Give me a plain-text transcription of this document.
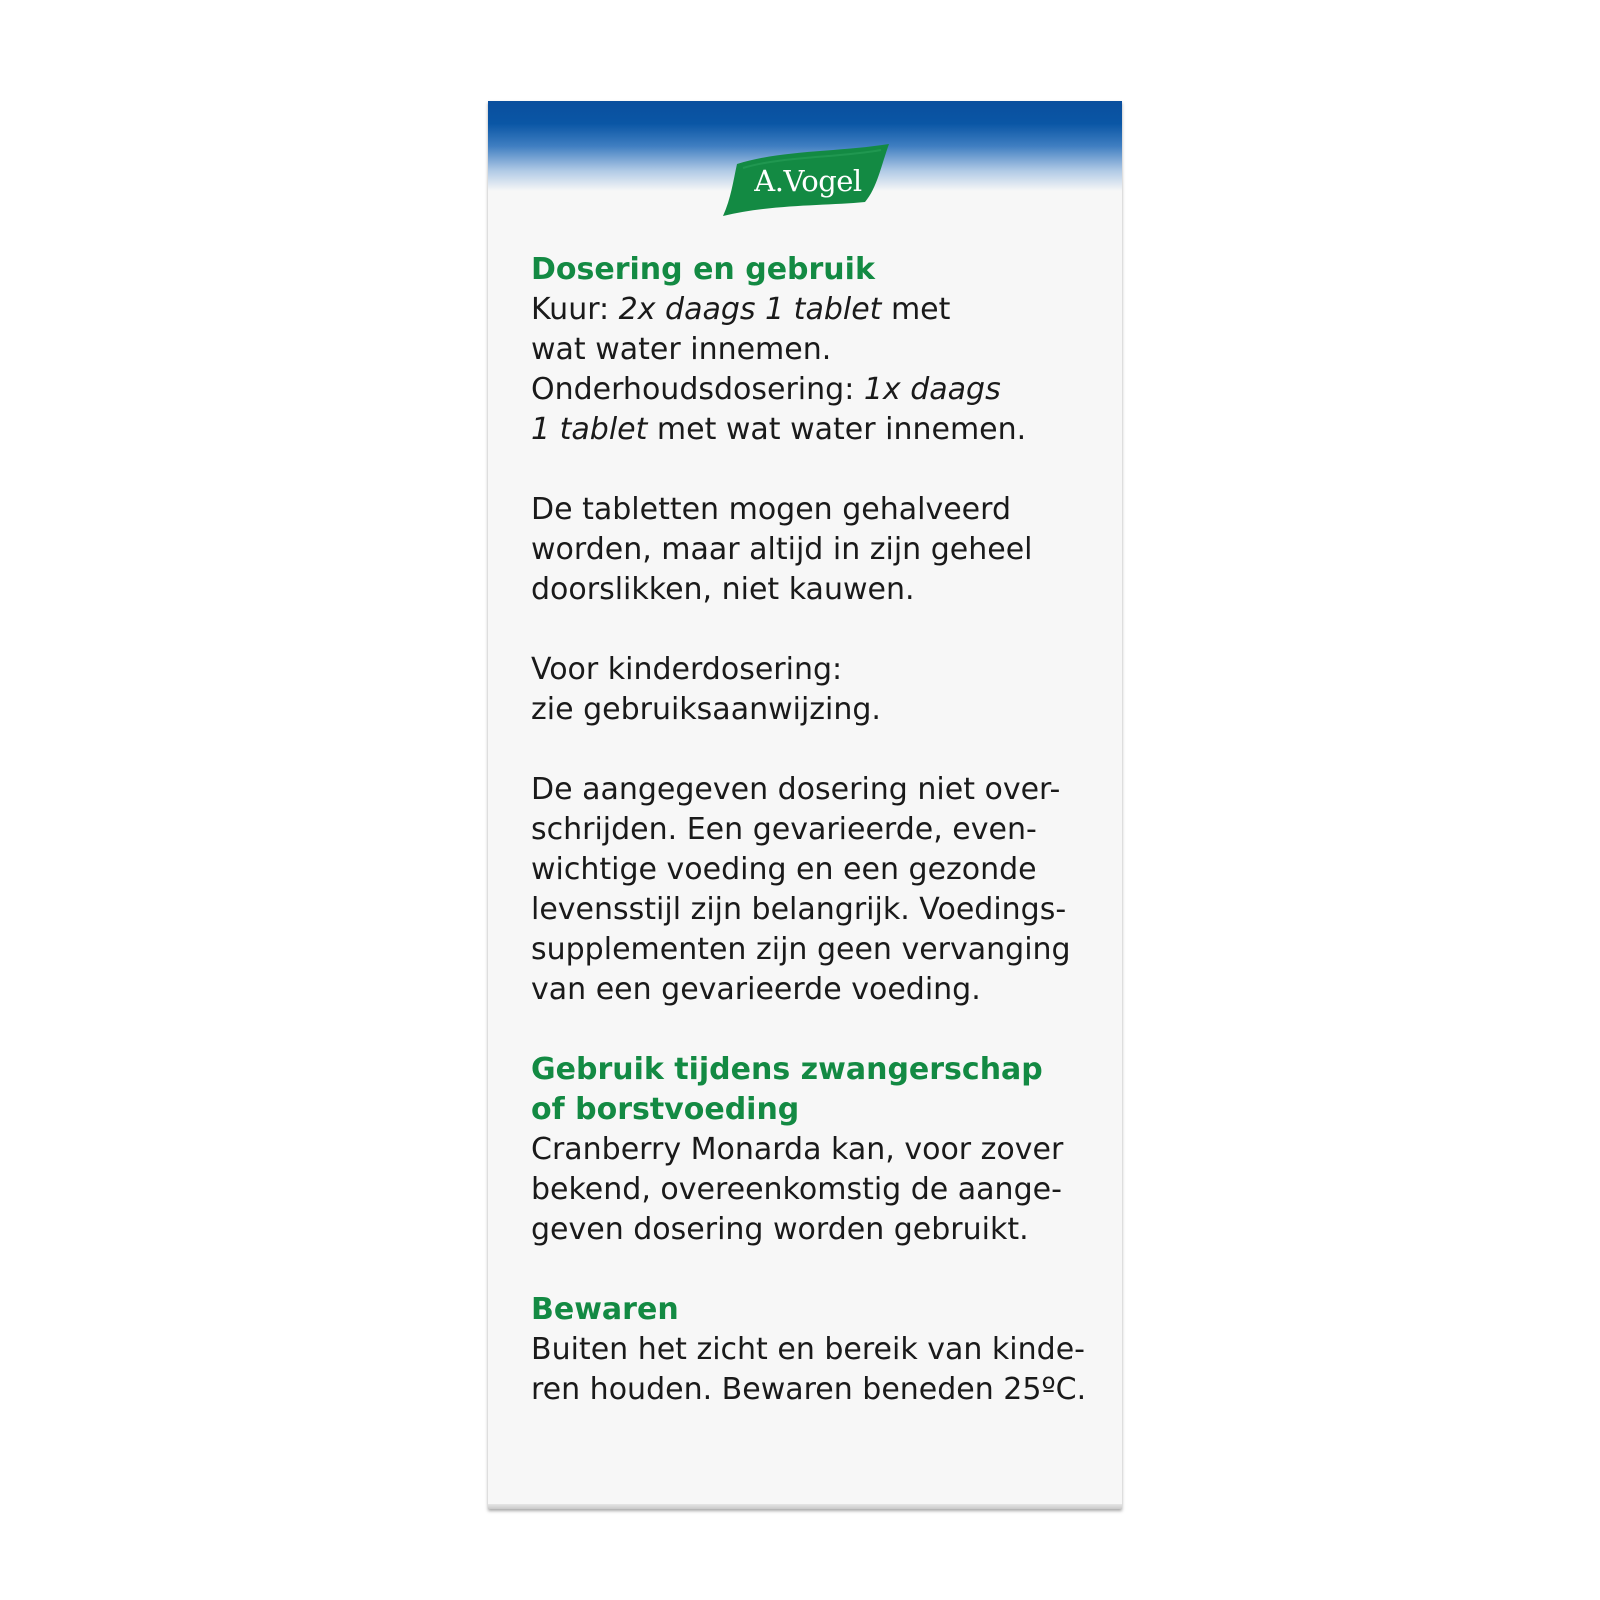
A.Vogel

Dosering en gebruik

Kuur: 2x daags 1 tablet met
wat water innemen.
Onderhoudsdosering: 1x daags
1 tablet met wat water innemen.

De tabletten mogen gehalveerd
worden, maar altijd in zijn geheel
doorslikken, niet kauwen.

Voor kinderdosering:
zie gebruiksaanwijzing.

De aangegeven dosering niet over-
schrijden. Een gevarieerde, even-
wichtige voeding en een gezonde
levensstijl zijn belangrijk. Voedings-
supplementen zijn geen vervanging
van een gevarieerde voeding.

Gebruik tijdens zwangerschap
of borstvoeding

Cranberry Monarda kan, voor zover
bekend, overeenkomstig de aange-
geven dosering worden gebruikt.

Bewaren

Buiten het zicht en bereik van kinde-
ren houden. Bewaren beneden 25ºC.
